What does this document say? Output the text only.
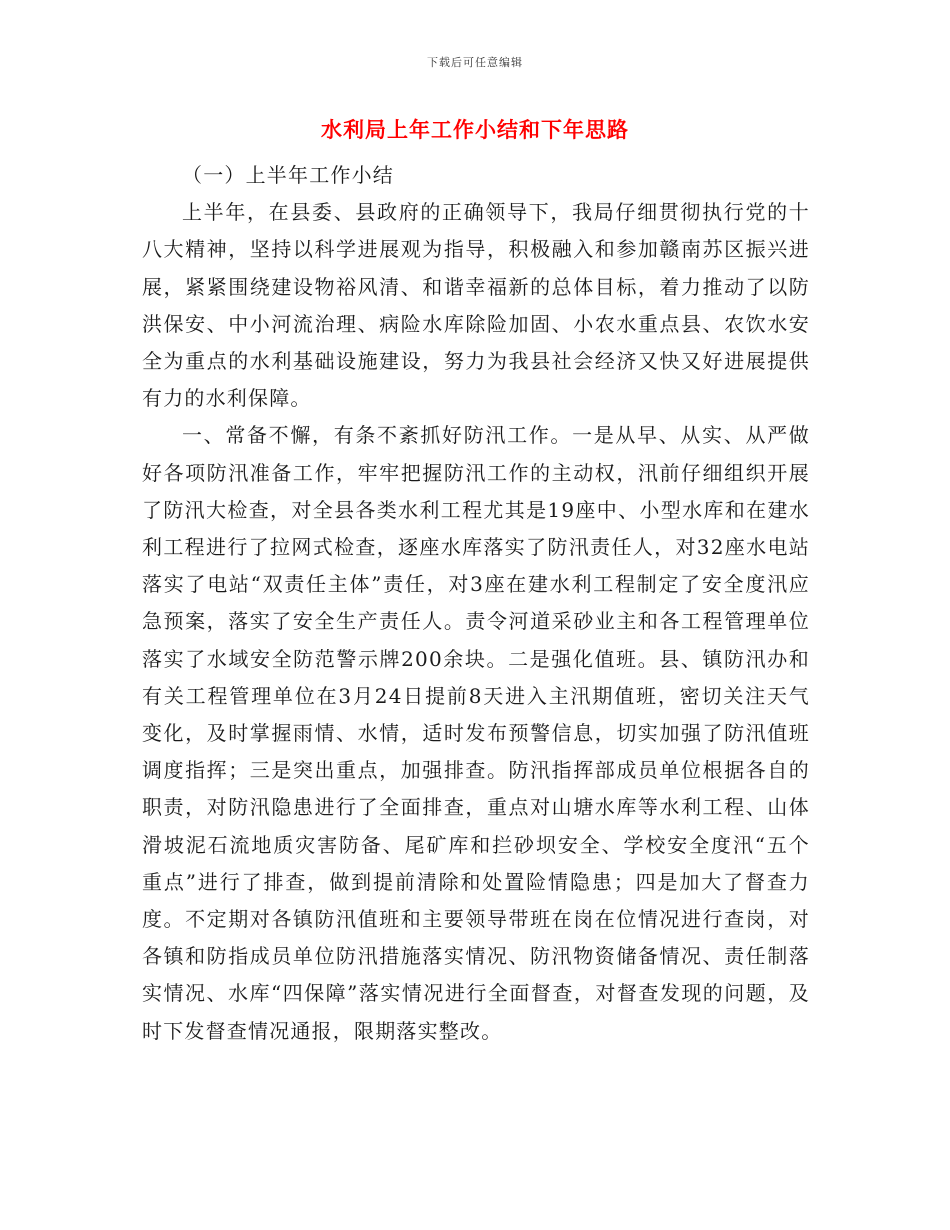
下载后可任意编辑
水利局上年工作小结和下年思路

（一）上半年工作小结

上半年，在县委、县政府的正确领导下，我局仔细贯彻执行党的十八大精神，坚持以科学进展观为指导，积极融入和参加赣南苏区振兴进展，紧紧围绕建设物裕风清、和谐幸福新的总体目标，着力推动了以防洪保安、中小河流治理、病险水库除险加固、小农水重点县、农饮水安全为重点的水利基础设施建设，努力为我县社会经济又快又好进展提供有力的水利保障。

一、常备不懈，有条不紊抓好防汛工作。一是从早、从实、从严做好各项防汛准备工作，牢牢把握防汛工作的主动权，汛前仔细组织开展了防汛大检查，对全县各类水利工程尤其是19座中、小型水库和在建水利工程进行了拉网式检查，逐座水库落实了防汛责任人，对32座水电站落实了电站“双责任主体”责任，对3座在建水利工程制定了安全度汛应急预案，落实了安全生产责任人。责令河道采砂业主和各工程管理单位落实了水域安全防范警示牌200余块。二是强化值班。县、镇防汛办和有关工程管理单位在3月24日提前8天进入主汛期值班，密切关注天气变化，及时掌握雨情、水情，适时发布预警信息，切实加强了防汛值班调度指挥；三是突出重点，加强排查。防汛指挥部成员单位根据各自的职责，对防汛隐患进行了全面排查，重点对山塘水库等水利工程、山体滑坡泥石流地质灾害防备、尾矿库和拦砂坝安全、学校安全度汛“五个重点”进行了排查，做到提前清除和处置险情隐患；四是加大了督查力度。不定期对各镇防汛值班和主要领导带班在岗在位情况进行查岗，对各镇和防指成员单位防汛措施落实情况、防汛物资储备情况、责任制落实情况、水库“四保障”落实情况进行全面督查，对督查发现的问题，及时下发督查情况通报，限期落实整改。
